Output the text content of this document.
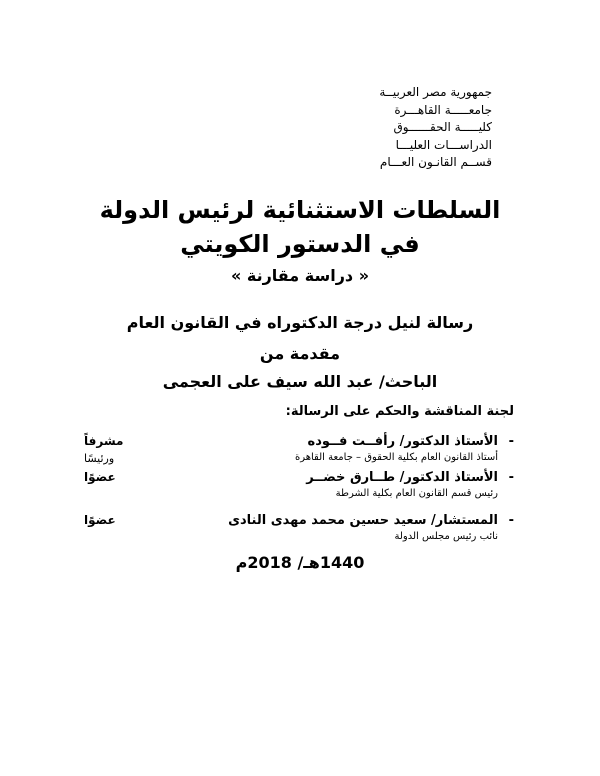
جمهورية مصر العربيــة
جامعـــــة القاهـــرة
كليـــــة الحقــــــوق
الدراســـات العليـــا
قســم القانـون العـــام
السلطات الاستثنائية لرئيس الدولة
في الدستور الكويتي
« دراسة مقارنة »
رسالة لنيل درجة الدكتوراه في القانون العام
مقدمة من
الباحث/ عبد الله سيف على العجمى
لجنة المناقشة والحكم على الرسالة:
-
الأستاذ الدكتور/ رأفــت فــوده
أستاذ القانون العام بكلية الحقوق – جامعة القاهرة
مشرفاً
ورئيسًا
-
الأستاذ الدكتور/ طــارق خضــر
رئيس قسم القانون العام بكلية الشرطة
عضوًا
-
المستشار/ سعيد حسين محمد مهدى النادى
نائب رئيس مجلس الدولة
عضوًا
1440هـ/ 2018م
